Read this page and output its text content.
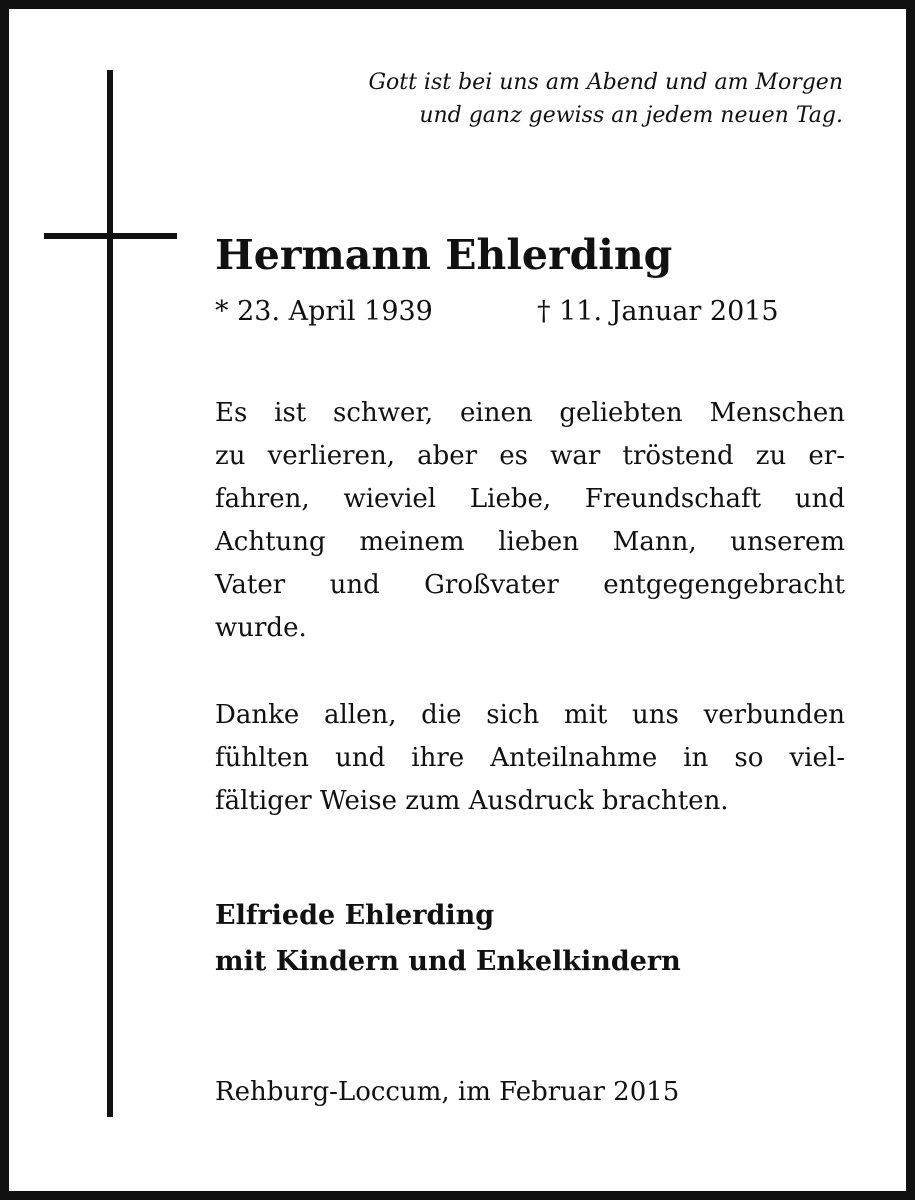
Gott ist bei uns am Abend und am Morgen
und ganz gewiss an jedem neuen Tag.
Hermann Ehlerding
* 23. April 1939	† 11. Januar 2015
Es ist schwer, einen geliebten Menschen
zu verlieren, aber es war tröstend zu er-
fahren, wieviel Liebe, Freundschaft und
Achtung meinem lieben Mann, unserem
Vater und Großvater entgegengebracht
wurde.
Danke allen, die sich mit uns verbunden
fühlten und ihre Anteilnahme in so viel-
fältiger Weise zum Ausdruck brachten.
Elfriede Ehlerding
mit Kindern und Enkelkindern
Rehburg-Loccum, im Februar 2015
